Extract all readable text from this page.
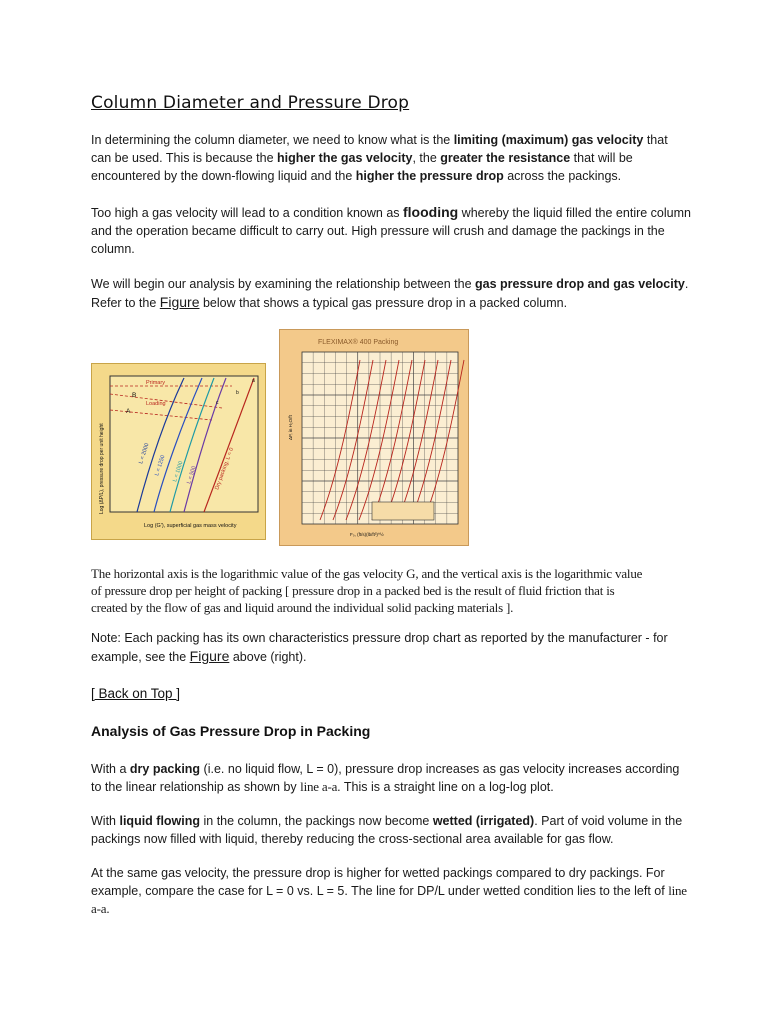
Column Diameter and Pressure Drop

In determining the column diameter, we need to know what is the limiting (maximum) gas velocity that can be used. This is because the higher the gas velocity, the greater the resistance that will be encountered by the down-flowing liquid and the higher the pressure drop across the packings.

Too high a gas velocity will lead to a condition known as flooding whereby the liquid filled the entire column and the operation became difficult to carry out. High pressure will crush and damage the packings in the column.

We will begin our analysis by examining the relationship between the gas pressure drop and gas velocity. Refer to the Figure below that shows a typical gas pressure drop in a packed column.

B
A
Primary
Loading
a
b
c
L = 2000
L = 1250 L = 1000 L = 500	Dry packing, L = 0
Log (ΔP/L), pressure drop per unit height
Log (G'), superficial gas mass velocity
FLEXIMAX® 400 Packing
F₀, (ft/s)(lb/ft³)^½
ΔP, in H₂O/ft

The horizontal axis is the logarithmic value of the gas velocity G, and the vertical axis is the logarithmic value of pressure drop per height of packing [ pressure drop in a packed bed is the result of fluid friction that is created by the flow of gas and liquid around the individual solid packing materials ].

Note: Each packing has its own characteristics pressure drop chart as reported by the manufacturer - for example, see the Figure above (right).

[ Back on Top ]

Analysis of Gas Pressure Drop in Packing

With a dry packing (i.e. no liquid flow, L = 0), pressure drop increases as gas velocity increases according to the linear relationship as shown by line a-a. This is a straight line on a log-log plot.

With liquid flowing in the column, the packings now become wetted (irrigated). Part of void volume in the packings now filled with liquid, thereby reducing the cross-sectional area available for gas flow.

At the same gas velocity, the pressure drop is higher for wetted packings compared to dry packings. For example, compare the case for L = 0 vs. L = 5. The line for DP/L under wetted condition lies to the left of line a-a.
